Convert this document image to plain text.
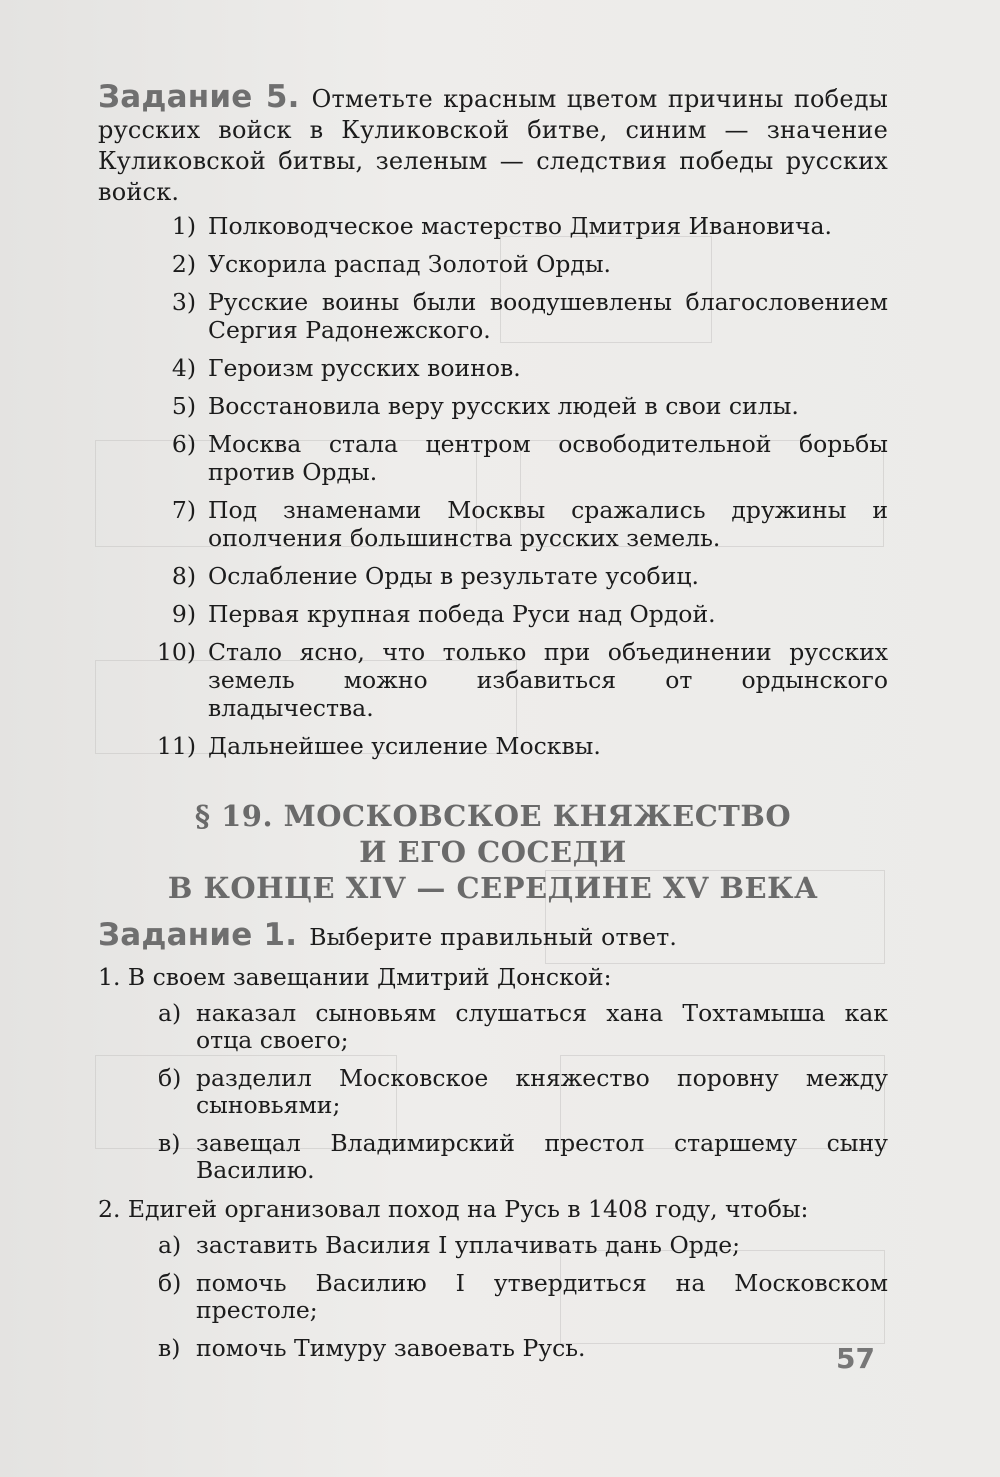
Задание 5. Отметьте красным цветом причины победы русских войск в Куликовской битве, синим — значение Куликовской битвы, зеленым — следствия победы русских войск.
1) Полководческое мастерство Дмитрия Ивановича.
2) Ускорила распад Золотой Орды.
3) Русские воины были воодушевлены благословением Сергия Радонежского.
4) Героизм русских воинов.
5) Восстановила веру русских людей в свои силы.
6) Москва стала центром освободительной борьбы против Орды.
7) Под знаменами Москвы сражались дружины и ополчения большинства русских земель.
8) Ослабление Орды в результате усобиц.
9) Первая крупная победа Руси над Ордой.
10) Стало ясно, что только при объединении русских земель можно избавиться от ордынского владычества.
11) Дальнейшее усиление Москвы.
§ 19. МОСКОВСКОЕ КНЯЖЕСТВО
И ЕГО СОСЕДИ
В КОНЦЕ XIV — СЕРЕДИНЕ XV ВЕКА
Задание 1. Выберите правильный ответ.
1. В своем завещании Дмитрий Донской:
а) наказал сыновьям слушаться хана Тохтамыша как отца своего;
б) разделил Московское княжество поровну между сыновьями;
в) завещал Владимирский престол старшему сыну Василию.
2. Едигей организовал поход на Русь в 1408 году, чтобы:
а) заставить Василия I уплачивать дань Орде;
б) помочь Василию I утвердиться на Московском престоле;
в) помочь Тимуру завоевать Русь.	57
